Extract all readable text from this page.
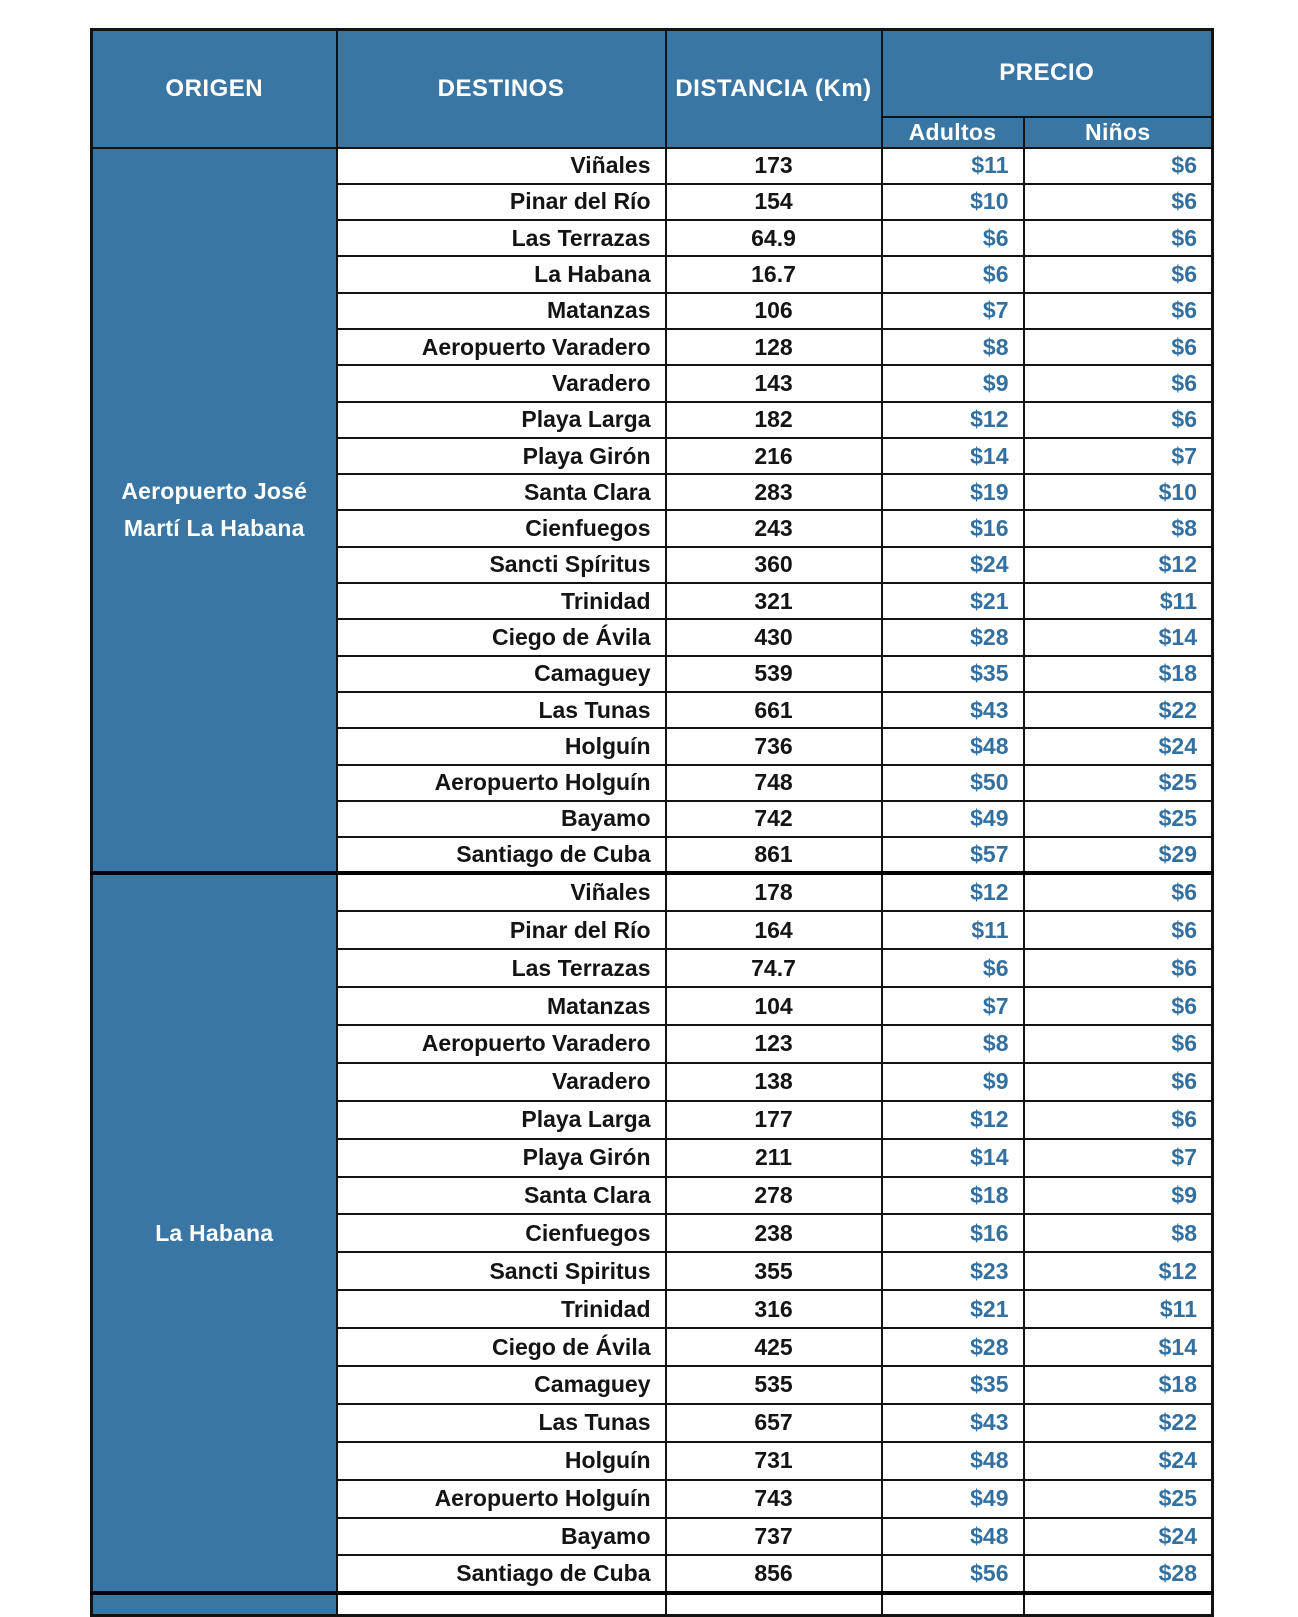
ORIGEN	DESTINOS	DISTANCIA (Km)	PRECIO	
			Adultos	Niños
Aeropuerto José Martí La Habana	Viñales	173	$11	$6
	Pinar del Río	154	$10	$6
	Las Terrazas	64.9	$6	$6
	La Habana	16.7	$6	$6
	Matanzas	106	$7	$6
	Aeropuerto Varadero	128	$8	$6
	Varadero	143	$9	$6
	Playa Larga	182	$12	$6
	Playa Girón	216	$14	$7
	Santa Clara	283	$19	$10
	Cienfuegos	243	$16	$8
	Sancti Spíritus	360	$24	$12
	Trinidad	321	$21	$11
	Ciego de Ávila	430	$28	$14
	Camaguey	539	$35	$18
	Las Tunas	661	$43	$22
	Holguín	736	$48	$24
	Aeropuerto Holguín	748	$50	$25
	Bayamo	742	$49	$25
	Santiago de Cuba	861	$57	$29
La Habana	Viñales	178	$12	$6
	Pinar del Río	164	$11	$6
	Las Terrazas	74.7	$6	$6
	Matanzas	104	$7	$6
	Aeropuerto Varadero	123	$8	$6
	Varadero	138	$9	$6
	Playa Larga	177	$12	$6
	Playa Girón	211	$14	$7
	Santa Clara	278	$18	$9
	Cienfuegos	238	$16	$8
	Sancti Spiritus	355	$23	$12
	Trinidad	316	$21	$11
	Ciego de Ávila	425	$28	$14
	Camaguey	535	$35	$18
	Las Tunas	657	$43	$22
	Holguín	731	$48	$24
	Aeropuerto Holguín	743	$49	$25
	Bayamo	737	$48	$24
	Santiago de Cuba	856	$56	$28
